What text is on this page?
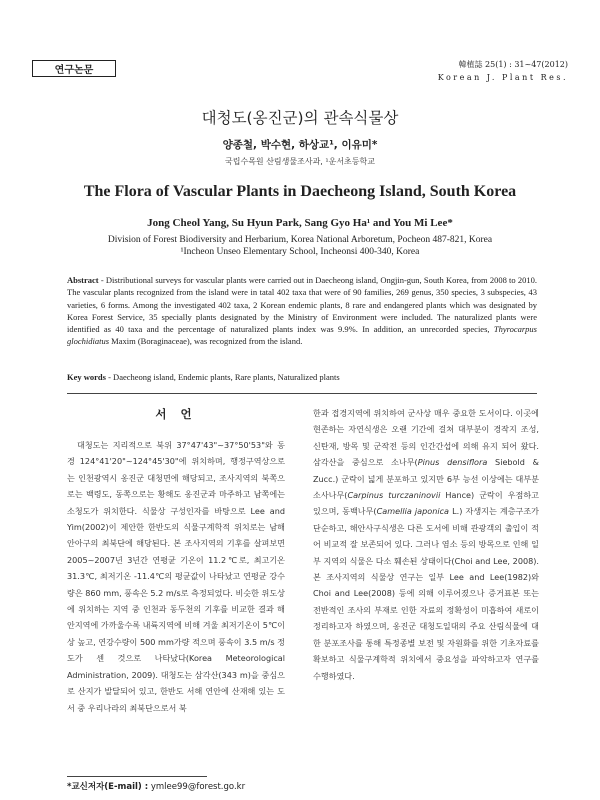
연구논문
韓植誌 25(1) : 31~47(2012)
Korean J. Plant Res.
대청도(옹진군)의 관속식물상
양종철, 박수현, 하상교¹, 이유미*
국립수목원 산림생물조사과, ¹운서초등학교
The Flora of Vascular Plants in Daecheong Island, South Korea
Jong Cheol Yang, Su Hyun Park, Sang Gyo Ha¹ and You Mi Lee*
Division of Forest Biodiversity and Herbarium, Korea National Arboretum, Pocheon 487-821, Korea
¹Incheon Unseo Elementary School, Incheonsi 400-340, Korea
Abstract - Distributional surveys for vascular plants were carried out in Daecheong island, Ongjin-gun, South Korea, from 2008 to 2010. The vascular plants recognized from the island were in tatal 402 taxa that were of 90 families, 269 genus, 350 species, 3 subspecies, 43 varieties, 6 forms. Among the investigated 402 taxa, 2 Korean endemic plants, 8 rare and endangered plants which was designated by Korea Forest Service, 35 specially plants designated by the Ministry of Environment were included. The naturalized plants were identified as 40 taxa and the percentage of naturalized plants index was 9.9%. In addition, an unrecorded species, Thyrocarpus glochidiatus Maxim (Boraginaceae), was recognized from the island.
Key words - Daecheong island, Endemic plants, Rare plants, Naturalized plants
서 언
대청도는 지리적으로 북위 37°47'43"~37°50'53"와 동경 124°41'20"~124°45'30"에 위치하며, 행정구역상으로는 인천광역시 옹진군 대청면에 해당되고, 조사지역의 북쪽으로는 백령도, 동쪽으로는 황해도 옹진군과 마주하고 남쪽에는 소청도가 위치한다. 식물상 구성인자를 바탕으로 Lee and Yim(2002)이 제안한 한반도의 식물구계학적 위치로는 남해안아구의 최북단에 해당된다. 본 조사지역의 기후를 살펴보면 2005~2007년 3년간 연평균 기온이 11.2℃로, 최고기온 31.3℃, 최저기온 -11.4℃의 평균값이 나타났고 연평균 강수량은 860 mm, 풍속은 5.2 m/s로 측정되었다. 비슷한 위도상에 위치하는 지역 중 인천과 동두천의 기후를 비교한 결과 해안지역에 가까울수록 내륙지역에 비해 겨울 최저기온이 5℃이상 높고, 연강수량이 500 mm가량 적으며 풍속이 3.5 m/s 정도가 센 것으로 나타났다(Korea Meteorological Administration, 2009). 대청도는 삼각산(343 m)을 중심으로 산지가 발달되어 있고, 한반도 서해 연안에 산재해 있는 도서 중 우리나라의 최북단으로서 북
한과 접경지역에 위치하여 군사상 매우 중요한 도서이다. 이곳에 현존하는 자연식생은 오랜 기간에 걸쳐 대부분이 경작지 조성, 신탄재, 방목 및 군작전 등의 인간간섭에 의해 유지 되어 왔다. 삼각산을 중심으로 소나무(Pinus densiflora Siebold & Zucc.) 군락이 넓게 분포하고 있지만 6부 능선 이상에는 대부분 소사나무(Carpinus turczaninovii Hance) 군락이 우점하고 있으며, 동백나무(Camellia japonica L.) 자생지는 계층구조가 단순하고, 해안사구식생은 다른 도서에 비해 관광객의 출입이 적어 비교적 잘 보존되어 있다. 그러나 염소 등의 방목으로 인해 일부 지역의 식물은 다소 훼손된 상태이다(Choi and Lee, 2008). 본 조사지역의 식물상 연구는 일부 Lee and Lee(1982)와 Choi and Lee(2008) 등에 의해 이루어졌으나 증거표본 또는 전반적인 조사의 부재로 인한 자료의 정확성이 미흡하여 새로이 정리하고자 하였으며, 옹진군 대청도일대의 주요 산림식물에 대한 분포조사를 통해 특정종별 보전 및 자원화를 위한 기초자료를 확보하고 식물구계학적 위치에서 중요성을 파악하고자 연구를 수행하였다.
*교신저자(E-mail) : ymlee99@forest.go.kr
